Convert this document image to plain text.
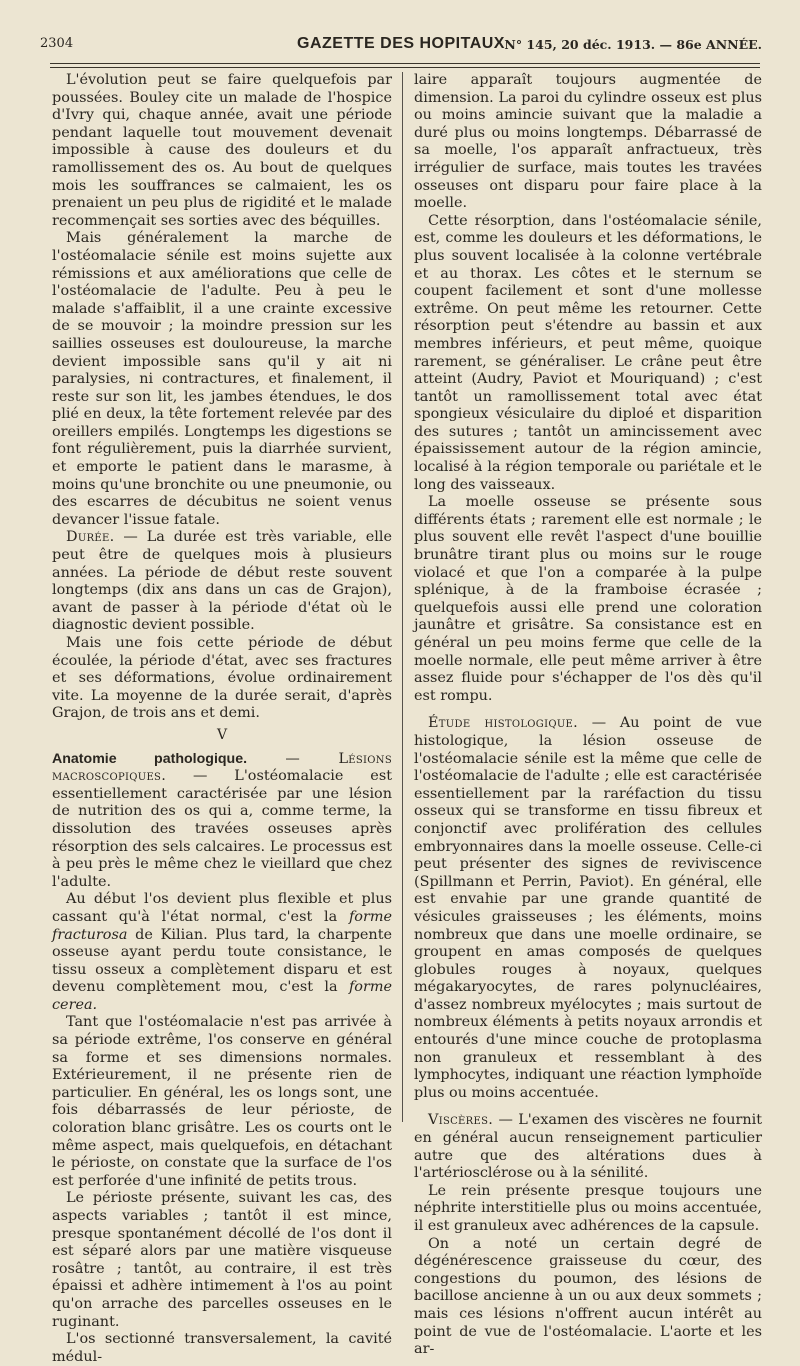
2304	GAZETTE DES HOPITAUX N° 145, 20 déc. 1913. — 86e ANNÉE.

L'évolution peut se faire quelquefois par poussées. Bouley cite un malade de l'hospice d'Ivry qui, chaque année, avait une période pendant laquelle tout mouvement devenait impossible à cause des douleurs et du ramollissement des os. Au bout de quelques mois les souffrances se calmaient, les os prenaient un peu plus de rigidité et le malade recommençait ses sorties avec des béquilles.

Mais généralement la marche de l'ostéomalacie sénile est moins sujette aux rémissions et aux améliorations que celle de l'ostéomalacie de l'adulte. Peu à peu le malade s'affaiblit, il a une crainte excessive de se mouvoir ; la moindre pression sur les saillies osseuses est douloureuse, la marche devient impossible sans qu'il y ait ni paralysies, ni contractures, et finalement, il reste sur son lit, les jambes étendues, le dos plié en deux, la tête fortement relevée par des oreillers empilés. Longtemps les digestions se font régulièrement, puis la diarrhée survient, et emporte le patient dans le marasme, à moins qu'une bronchite ou une pneumonie, ou des escarres de décubitus ne soient venus devancer l'issue fatale.

Durée. — La durée est très variable, elle peut être de quelques mois à plusieurs années. La période de début reste souvent longtemps (dix ans dans un cas de Grajon), avant de passer à la période d'état où le diagnostic devient possible.

Mais une fois cette période de début écoulée, la période d'état, avec ses fractures et ses déformations, évolue ordinairement vite. La moyenne de la durée serait, d'après Grajon, de trois ans et demi.

V

Anatomie pathologique. — Lésions macroscopiques. — L'ostéomalacie est essentiellement caractérisée par une lésion de nutrition des os qui a, comme terme, la dissolution des travées osseuses après résorption des sels calcaires. Le processus est à peu près le même chez le vieillard que chez l'adulte.

Au début l'os devient plus flexible et plus cassant qu'à l'état normal, c'est la forme fracturosa de Kilian. Plus tard, la charpente osseuse ayant perdu toute consistance, le tissu osseux a complètement disparu et est devenu complètement mou, c'est la forme cerea.

Tant que l'ostéomalacie n'est pas arrivée à sa période extrême, l'os conserve en général sa forme et ses dimensions normales. Extérieurement, il ne présente rien de particulier. En général, les os longs sont, une fois débarrassés de leur périoste, de coloration blanc grisâtre. Les os courts ont le même aspect, mais quelquefois, en détachant le périoste, on constate que la surface de l'os est perforée d'une infinité de petits trous.

Le périoste présente, suivant les cas, des aspects variables ; tantôt il est mince, presque spontanément décollé de l'os dont il est séparé alors par une matière visqueuse rosâtre ; tantôt, au contraire, il est très épaissi et adhère intimement à l'os au point qu'on arrache des parcelles osseuses en le ruginant.

L'os sectionné transversalement, la cavité médul-

laire apparaît toujours augmentée de dimension. La paroi du cylindre osseux est plus ou moins amincie suivant que la maladie a duré plus ou moins longtemps. Débarrassé de sa moelle, l'os apparaît anfractueux, très irrégulier de surface, mais toutes les travées osseuses ont disparu pour faire place à la moelle.

Cette résorption, dans l'ostéomalacie sénile, est, comme les douleurs et les déformations, le plus souvent localisée à la colonne vertébrale et au thorax. Les côtes et le sternum se coupent facilement et sont d'une mollesse extrême. On peut même les retourner. Cette résorption peut s'étendre au bassin et aux membres inférieurs, et peut même, quoique rarement, se généraliser. Le crâne peut être atteint (Audry, Paviot et Mouriquand) ; c'est tantôt un ramollissement total avec état spongieux vésiculaire du diploé et disparition des sutures ; tantôt un amincissement avec épaississement autour de la région amincie, localisé à la région temporale ou pariétale et le long des vaisseaux.

La moelle osseuse se présente sous différents états ; rarement elle est normale ; le plus souvent elle revêt l'aspect d'une bouillie brunâtre tirant plus ou moins sur le rouge violacé et que l'on a comparée à la pulpe splénique, à de la framboise écrasée ; quelquefois aussi elle prend une coloration jaunâtre et grisâtre. Sa consistance est en général un peu moins ferme que celle de la moelle normale, elle peut même arriver à être assez fluide pour s'échapper de l'os dès qu'il est rompu.

Étude histologique. — Au point de vue histologique, la lésion osseuse de l'ostéomalacie sénile est la même que celle de l'ostéomalacie de l'adulte ; elle est caractérisée essentiellement par la raréfaction du tissu osseux qui se transforme en tissu fibreux et conjonctif avec prolifération des cellules embryonnaires dans la moelle osseuse. Celle-ci peut présenter des signes de reviviscence (Spillmann et Perrin, Paviot). En général, elle est envahie par une grande quantité de vésicules graisseuses ; les éléments, moins nombreux que dans une moelle ordinaire, se groupent en amas composés de quelques globules rouges à noyaux, quelques mégakaryocytes, de rares polynucléaires, d'assez nombreux myélocytes ; mais surtout de nombreux éléments à petits noyaux arrondis et entourés d'une mince couche de protoplasma non granuleux et ressemblant à des lymphocytes, indiquant une réaction lymphoïde plus ou moins accentuée.

Viscères. — L'examen des viscères ne fournit en général aucun renseignement particulier autre que des altérations dues à l'artériosclérose ou à la sénilité.

Le rein présente presque toujours une néphrite interstitielle plus ou moins accentuée, il est granuleux avec adhérences de la capsule.

On a noté un certain degré de dégénérescence graisseuse du cœur, des congestions du poumon, des lésions de bacillose ancienne à un ou aux deux sommets ; mais ces lésions n'offrent aucun intérêt au point de vue de l'ostéomalacie. L'aorte et les ar-
